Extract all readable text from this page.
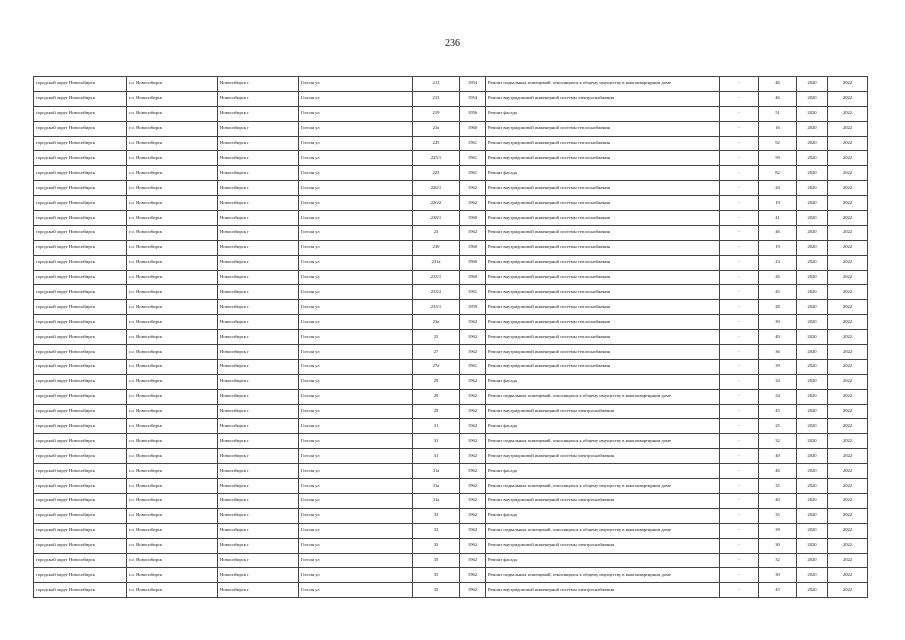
236
городской округ Новосибирск	г.о. Новосибирск	Новосибирск г	Гоголя ул	215	1954	Ремонт подвальных помещений, относящихся к общему имуществу в многоквартирном доме	-	46	2020	2022
городской округ Новосибирск	г.о. Новосибирск	Новосибирск г	Гоголя ул	215	1954	Ремонт внутридомовой инженерной системы электроснабжения	-	46	2020	2022
городской округ Новосибирск	г.о. Новосибирск	Новосибирск г	Гоголя ул	219	1956	Ремонт фасада	-	51	2020	2022
городской округ Новосибирск	г.о. Новосибирск	Новосибирск г	Гоголя ул	21а	1960	Ремонт внутридомовой инженерной системы теплоснабжения	-	16	2020	2022
городской округ Новосибирск	г.о. Новосибирск	Новосибирск г	Гоголя ул	225	1961	Ремонт внутридомовой инженерной системы теплоснабжения	-	92	2020	2022
городской округ Новосибирск	г.о. Новосибирск	Новосибирск г	Гоголя ул	225/1	1961	Ремонт внутридомовой инженерной системы теплоснабжения	-	59	2020	2022
городской округ Новосибирск	г.о. Новосибирск	Новосибирск г	Гоголя ул	225	1961	Ремонт фасада	-	82	2020	2022
городской округ Новосибирск	г.о. Новосибирск	Новосибирск г	Гоголя ул	226/1	1962	Ремонт внутридомовой инженерной системы теплоснабжения	-	20	2020	2022
городской округ Новосибирск	г.о. Новосибирск	Новосибирск г	Гоголя ул	226/2	1962	Ремонт внутридомовой инженерной системы теплоснабжения	-	19	2020	2022
городской округ Новосибирск	г.о. Новосибирск	Новосибирск г	Гоголя ул	228/1	1960	Ремонт внутридомовой инженерной системы теплоснабжения	-	41	2020	2022
городской округ Новосибирск	г.о. Новосибирск	Новосибирск г	Гоголя ул	23	1962	Ремонт внутридомовой инженерной системы теплоснабжения	-	46	2020	2022
городской округ Новосибирск	г.о. Новосибирск	Новосибирск г	Гоголя ул	230	1960	Ремонт внутридомовой инженерной системы теплоснабжения	-	19	2020	2022
городской округ Новосибирск	г.о. Новосибирск	Новосибирск г	Гоголя ул	231а	1960	Ремонт внутридомовой инженерной системы теплоснабжения	-	23	2020	2022
городской округ Новосибирск	г.о. Новосибирск	Новосибирск г	Гоголя ул	233/1	1960	Ремонт внутридомовой инженерной системы теплоснабжения	-	26	2020	2022
городской округ Новосибирск	г.о. Новосибирск	Новосибирск г	Гоголя ул	233/2	1961	Ремонт внутридомовой инженерной системы теплоснабжения	-	45	2020	2022
городской округ Новосибирск	г.о. Новосибирск	Новосибирск г	Гоголя ул	235/1	1959	Ремонт внутридомовой инженерной системы теплоснабжения	-	28	2020	2022
городской округ Новосибирск	г.о. Новосибирск	Новосибирск г	Гоголя ул	23а	1962	Ремонт внутридомовой инженерной системы теплоснабжения	-	30	2020	2022
городской округ Новосибирск	г.о. Новосибирск	Новосибирск г	Гоголя ул	25	1962	Ремонт внутридомовой инженерной системы теплоснабжения	-	40	2020	2022
городской округ Новосибирск	г.о. Новосибирск	Новосибирск г	Гоголя ул	27	1962	Ремонт внутридомовой инженерной системы теплоснабжения	-	36	2020	2022
городской округ Новосибирск	г.о. Новосибирск	Новосибирск г	Гоголя ул	27а	1961	Ремонт внутридомовой инженерной системы теплоснабжения	-	39	2020	2022
городской округ Новосибирск	г.о. Новосибирск	Новосибирск г	Гоголя ул	29	1962	Ремонт фасада	-	34	2020	2022
городской округ Новосибирск	г.о. Новосибирск	Новосибирск г	Гоголя ул	29	1962	Ремонт подвальных помещений, относящихся к общему имуществу в многоквартирном доме	-	34	2020	2022
городской округ Новосибирск	г.о. Новосибирск	Новосибирск г	Гоголя ул	29	1962	Ремонт внутридомовой инженерной системы электроснабжения	-	45	2020	2022
городской округ Новосибирск	г.о. Новосибирск	Новосибирск г	Гоголя ул	31	1962	Ремонт фасада	-	25	2020	2022
городской округ Новосибирск	г.о. Новосибирск	Новосибирск г	Гоголя ул	31	1962	Ремонт подвальных помещений, относящихся к общему имуществу в многоквартирном доме	-	32	2020	2022
городской округ Новосибирск	г.о. Новосибирск	Новосибирск г	Гоголя ул	31	1962	Ремонт внутридомовой инженерной системы электроснабжения	-	40	2020	2022
городской округ Новосибирск	г.о. Новосибирск	Новосибирск г	Гоголя ул	31а	1962	Ремонт фасада	-	46	2020	2022
городской округ Новосибирск	г.о. Новосибирск	Новосибирск г	Гоголя ул	31а	1962	Ремонт подвальных помещений, относящихся к общему имуществу в многоквартирном доме	-	35	2020	2022
городской округ Новосибирск	г.о. Новосибирск	Новосибирск г	Гоголя ул	31а	1962	Ремонт внутридомовой инженерной системы электроснабжения	-	40	2020	2022
городской округ Новосибирск	г.о. Новосибирск	Новосибирск г	Гоголя ул	33	1962	Ремонт фасада	-	35	2020	2022
городской округ Новосибирск	г.о. Новосибирск	Новосибирск г	Гоголя ул	33	1962	Ремонт подвальных помещений, относящихся к общему имуществу в многоквартирном доме	-	39	2020	2022
городской округ Новосибирск	г.о. Новосибирск	Новосибирск г	Гоголя ул	33	1962	Ремонт внутридомовой инженерной системы электроснабжения	-	30	2020	2022
городской округ Новосибирск	г.о. Новосибирск	Новосибирск г	Гоголя ул	35	1962	Ремонт фасада	-	32	2020	2022
городской округ Новосибирск	г.о. Новосибирск	Новосибирск г	Гоголя ул	35	1962	Ремонт подвальных помещений, относящихся к общему имуществу в многоквартирном доме	-	30	2020	2022
городской округ Новосибирск	г.о. Новосибирск	Новосибирск г	Гоголя ул	35	1962	Ремонт внутридомовой инженерной системы электроснабжения	-	45	2020	2022
